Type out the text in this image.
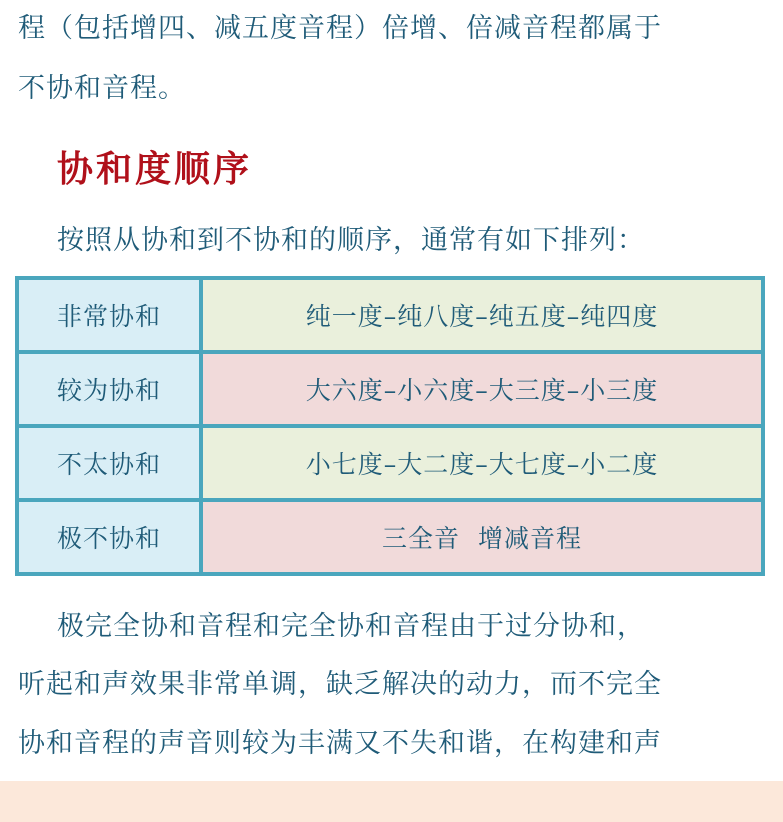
程（包括增四、减五度音程）倍增、倍减音程都属于
不协和音程。
协和度顺序
按照从协和到不协和的顺序，通常有如下排列：
非常协和	纯一度–纯八度–纯五度–纯四度
较为协和	大六度–小六度–大三度–小三度
不太协和	小七度–大二度–大七度–小二度
极不协和	三全音  增减音程
极完全协和音程和完全协和音程由于过分协和，
听起和声效果非常单调，缺乏解决的动力，而不完全
协和音程的声音则较为丰满又不失和谐，在构建和声
